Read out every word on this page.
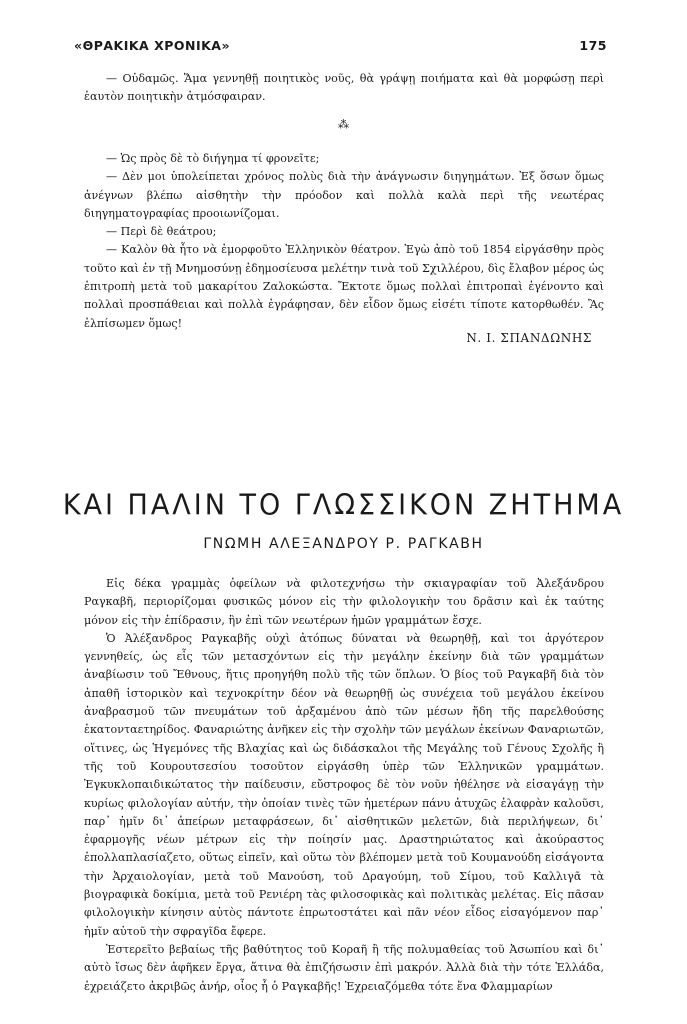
«ΘΡΑΚΙΚΑ ΧΡΟΝΙΚΑ»	175

— Οὐδαμῶς. Ἅμα γεννηθῇ ποιητικὸς νοῦς, θὰ γράψῃ ποιήματα καὶ θὰ μορφώσῃ περὶ ἑαυτὸν ποιητικὴν ἀτμόσφαιραν.

⁂

— Ὡς πρὸς δὲ τὸ διήγημα τί φρονεῖτε;

— Δὲν μοι ὑπολείπεται χρόνος πολὺς διὰ τὴν ἀνάγνωσιν διηγημάτων. Ἐξ ὅσων ὅμως ἀνέγνων βλέπω αἰσθητὴν τὴν πρόοδον καὶ πολλὰ καλὰ περὶ τῆς νεωτέρας διηγηματογραφίας προοιωνίζομαι.

— Περὶ δὲ θεάτρου;

— Καλὸν θὰ ἦτο νὰ ἐμορφοῦτο Ἑλληνικὸν θέατρον. Ἐγὼ ἀπὸ τοῦ 1854 εἰργάσθην πρὸς τοῦτο καὶ ἐν τῇ Μνημοσύνῃ ἐδημοσίευσα μελέτην τινὰ τοῦ Σχιλλέρου, δὶς ἔλαβον μέρος ὡς ἐπιτροπὴ μετὰ τοῦ μακαρίτου Ζαλοκώστα. Ἔκτοτε ὅμως πολλαὶ ἐπιτροπαὶ ἐγένοντο καὶ πολλαὶ προσπάθειαι καὶ πολλὰ ἐγράφησαν, δὲν εἶδον ὅμως εἰσέτι τίποτε κατορθωθέν. Ἂς ἐλπίσωμεν ὅμως!

Ν. Ι. ΣΠΑΝΔΩΝΗΣ
ΚΑΙ ΠΑΛΙΝ ΤΟ ΓΛΩΣΣΙΚΟΝ ΖΗΤΗΜΑ
ΓΝΩΜΗ ΑΛΕΞΑΝΔΡΟΥ Ρ. ΡΑΓΚΑΒΗ

Εἰς δέκα γραμμὰς ὀφείλων νὰ φιλοτεχνήσω τὴν σκιαγραφίαν τοῦ Ἀλεξάνδρου Ραγκαβῆ, περιορίζομαι φυσικῶς μόνον εἰς τὴν φιλολογικὴν του δρᾶσιν καὶ ἐκ ταύτης μόνον εἰς τὴν ἐπίδρασιν, ἣν ἐπὶ τῶν νεωτέρων ἡμῶν γραμμάτων ἔσχε.

Ὁ Ἀλέξανδρος Ραγκαβῆς οὐχὶ ἀτόπως δύναται νὰ θεωρηθῇ, καὶ τοι ἀργότερον γεννηθείς, ὡς εἷς τῶν μετασχόντων εἰς τὴν μεγάλην ἐκείνην διὰ τῶν γραμμάτων ἀναβίωσιν τοῦ Ἔθνους, ἥτις προηγήθη πολὺ τῆς τῶν ὅπλων. Ὁ βίος τοῦ Ραγκαβῆ διὰ τὸν ἀπαθῆ ἱστορικὸν καὶ τεχνοκρίτην δέον νὰ θεωρηθῇ ὡς συνέχεια τοῦ μεγάλου ἐκείνου ἀναβρασμοῦ τῶν πνευμάτων τοῦ ἀρξαμένου ἀπὸ τῶν μέσων ἤδη τῆς παρελθούσης ἑκατονταετηρίδος. Φαναριώτης ἀνῆκεν εἰς τὴν σχολὴν τῶν μεγάλων ἐκείνων Φαναριωτῶν, οἵτινες, ὡς Ἡγεμόνες τῆς Βλαχίας καὶ ὡς διδάσκαλοι τῆς Μεγάλης τοῦ Γένους Σχολῆς ἢ τῆς τοῦ Κουρουτσεσίου τοσοῦτον εἰργάσθη ὑπὲρ τῶν Ἑλληνικῶν γραμμάτων. Ἐγκυκλοπαιδικώτατος τὴν παίδευσιν, εὔστροφος δὲ τὸν νοῦν ἠθέλησε νὰ εἰσαγάγῃ τὴν κυρίως φιλολογίαν αὐτήν, τὴν ὁποίαν τινὲς τῶν ἡμετέρων πάνυ ἀτυχῶς ἐλαφρὰν καλοῦσι, παρ᾿ ἡμῖν δι᾿ ἀπείρων μεταφράσεων, δι᾿ αἰσθητικῶν μελετῶν, διὰ περιλήψεων, δι᾿ ἐφαρμογῆς νέων μέτρων εἰς τὴν ποίησίν μας. Δραστηριώτατος καὶ ἀκούραστος ἐπολλαπλασίαζετο, οὕτως εἰπεῖν, καὶ οὕτω τὸν βλέπομεν μετὰ τοῦ Κουμανούδη εἰσάγοντα τὴν Ἀρχαιολογίαν, μετὰ τοῦ Μανούση, τοῦ Δραγούμη, τοῦ Σίμου, τοῦ Καλλιγᾶ τὰ βιογραφικὰ δοκίμια, μετὰ τοῦ Ρενιέρη τὰς φιλοσοφικὰς καὶ πολιτικὰς μελέτας. Εἰς πᾶσαν φιλολογικὴν κίνησιν αὐτὸς πάντοτε ἐπρωτοστάτει καὶ πᾶν νέον εἶδος εἰσαγόμενον παρ᾿ ἡμῖν αὐτοῦ τὴν σφραγῖδα ἔφερε.

Ἐστερεῖτο βεβαίως τῆς βαθύτητος τοῦ Κοραῆ ἢ τῆς πολυμαθείας τοῦ Ἀσωπίου καὶ δι᾿ αὐτὸ ἴσως δὲν ἀφῆκεν ἔργα, ἅτινα θὰ ἐπιζήσωσιν ἐπὶ μακρόν. Ἀλλὰ διὰ τὴν τότε Ἑλλάδα, ἐχρειάζετο ἀκριβῶς ἀνήρ, οἷος ἦ ὁ Ραγκαβῆς! Ἐχρειαζόμεθα τότε ἕνα Φλαμμαρίων
